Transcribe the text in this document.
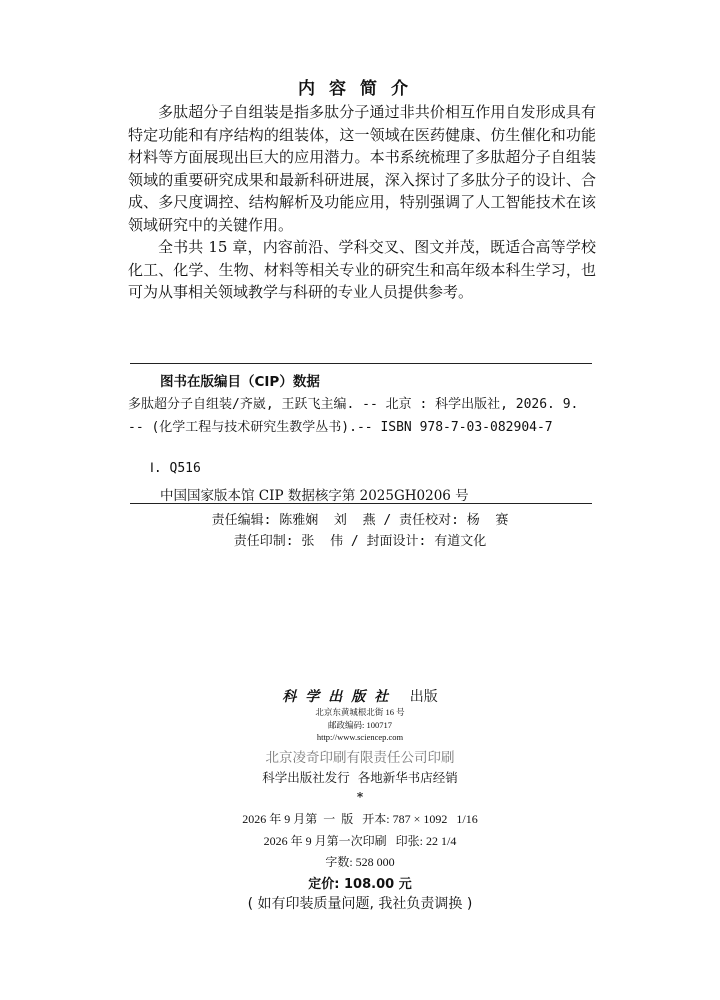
内容简介

多肽超分子自组装是指多肽分子通过非共价相互作用自发形成具有特定功能和有序结构的组装体，这一领域在医药健康、仿生催化和功能材料等方面展现出巨大的应用潜力。本书系统梳理了多肽超分子自组装领域的重要研究成果和最新科研进展，深入探讨了多肽分子的设计、合成、多尺度调控、结构解析及功能应用，特别强调了人工智能技术在该领域研究中的关键作用。

全书共 15 章，内容前沿、学科交叉、图文并茂，既适合高等学校化工、化学、生物、材料等相关专业的研究生和高年级本科生学习，也可为从事相关领域教学与科研的专业人员提供参考。

图书在版编目（CIP）数据

多肽超分子自组装/齐崴, 王跃飞主编. -- 北京 : 科学出版社, 2026. 9. -- (化学工程与技术研究生教学丛书).-- ISBN 978-7-03-082904-7

Ⅰ. Q516
中国国家版本馆 CIP 数据核字第 2025GH0206 号
责任编辑: 陈雅娴  刘  燕 / 责任校对: 杨  赛
责任印制: 张  伟 / 封面设计: 有道文化
科学出版社 出版
北京东黄城根北街 16 号
邮政编码: 100717
http://www.sciencep.com
北京凌奇印刷有限责任公司印刷
科学出版社发行  各地新华书店经销
*
2026 年 9 月第  一  版   开本: 787 × 1092   1/16
2026 年 9 月第一次印刷   印张: 22 1/4
字数: 528 000
定价: 108.00 元
( 如有印装质量问题, 我社负责调换 )
